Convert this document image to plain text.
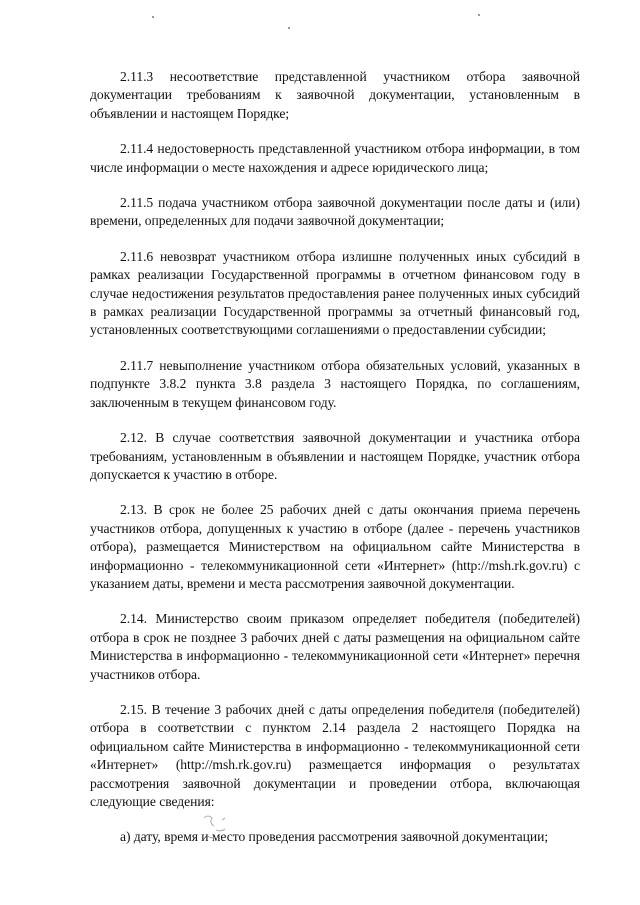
2.11.3 несоответствие представленной участником отбора заявочной документации требованиям к заявочной документации, установленным в объявлении и настоящем Порядке;

2.11.4 недостоверность представленной участником отбора информации, в том числе информации о месте нахождения и адресе юридического лица;

2.11.5 подача участником отбора заявочной документации после даты и (или) времени, определенных для подачи заявочной документации;

2.11.6 невозврат участником отбора излишне полученных иных субсидий в рамках реализации Государственной программы в отчетном финансовом году в случае недостижения результатов предоставления ранее полученных иных субсидий в рамках реализации Государственной программы за отчетный финансовый год, установленных соответствующими соглашениями о предоставлении субсидии;

2.11.7 невыполнение участником отбора обязательных условий, указанных в подпункте 3.8.2 пункта 3.8 раздела 3 настоящего Порядка, по соглашениям, заключенным в текущем финансовом году.

2.12. В случае соответствия заявочной документации и участника отбора требованиям, установленным в объявлении и настоящем Порядке, участник отбора допускается к участию в отборе.

2.13. В срок не более 25 рабочих дней с даты окончания приема перечень участников отбора, допущенных к участию в отборе (далее - перечень участников отбора), размещается Министерством на официальном сайте Министерства в информационно - телекоммуникационной сети «Интернет» (http://msh.rk.gov.ru) с указанием даты, времени и места рассмотрения заявочной документации.

2.14. Министерство своим приказом определяет победителя (победителей) отбора в срок не позднее 3 рабочих дней с даты размещения на официальном сайте Министерства в информационно - телекоммуникационной сети «Интернет» перечня участников отбора.

2.15. В течение 3 рабочих дней с даты определения победителя (победителей) отбора в соответствии с пунктом 2.14 раздела 2 настоящего Порядка на официальном сайте Министерства в информационно - телекоммуникационной сети «Интернет» (http://msh.rk.gov.ru) размещается информация о результатах рассмотрения заявочной документации и проведении отбора, включающая следующие сведения:

а) дату, время и место проведения рассмотрения заявочной документации;
